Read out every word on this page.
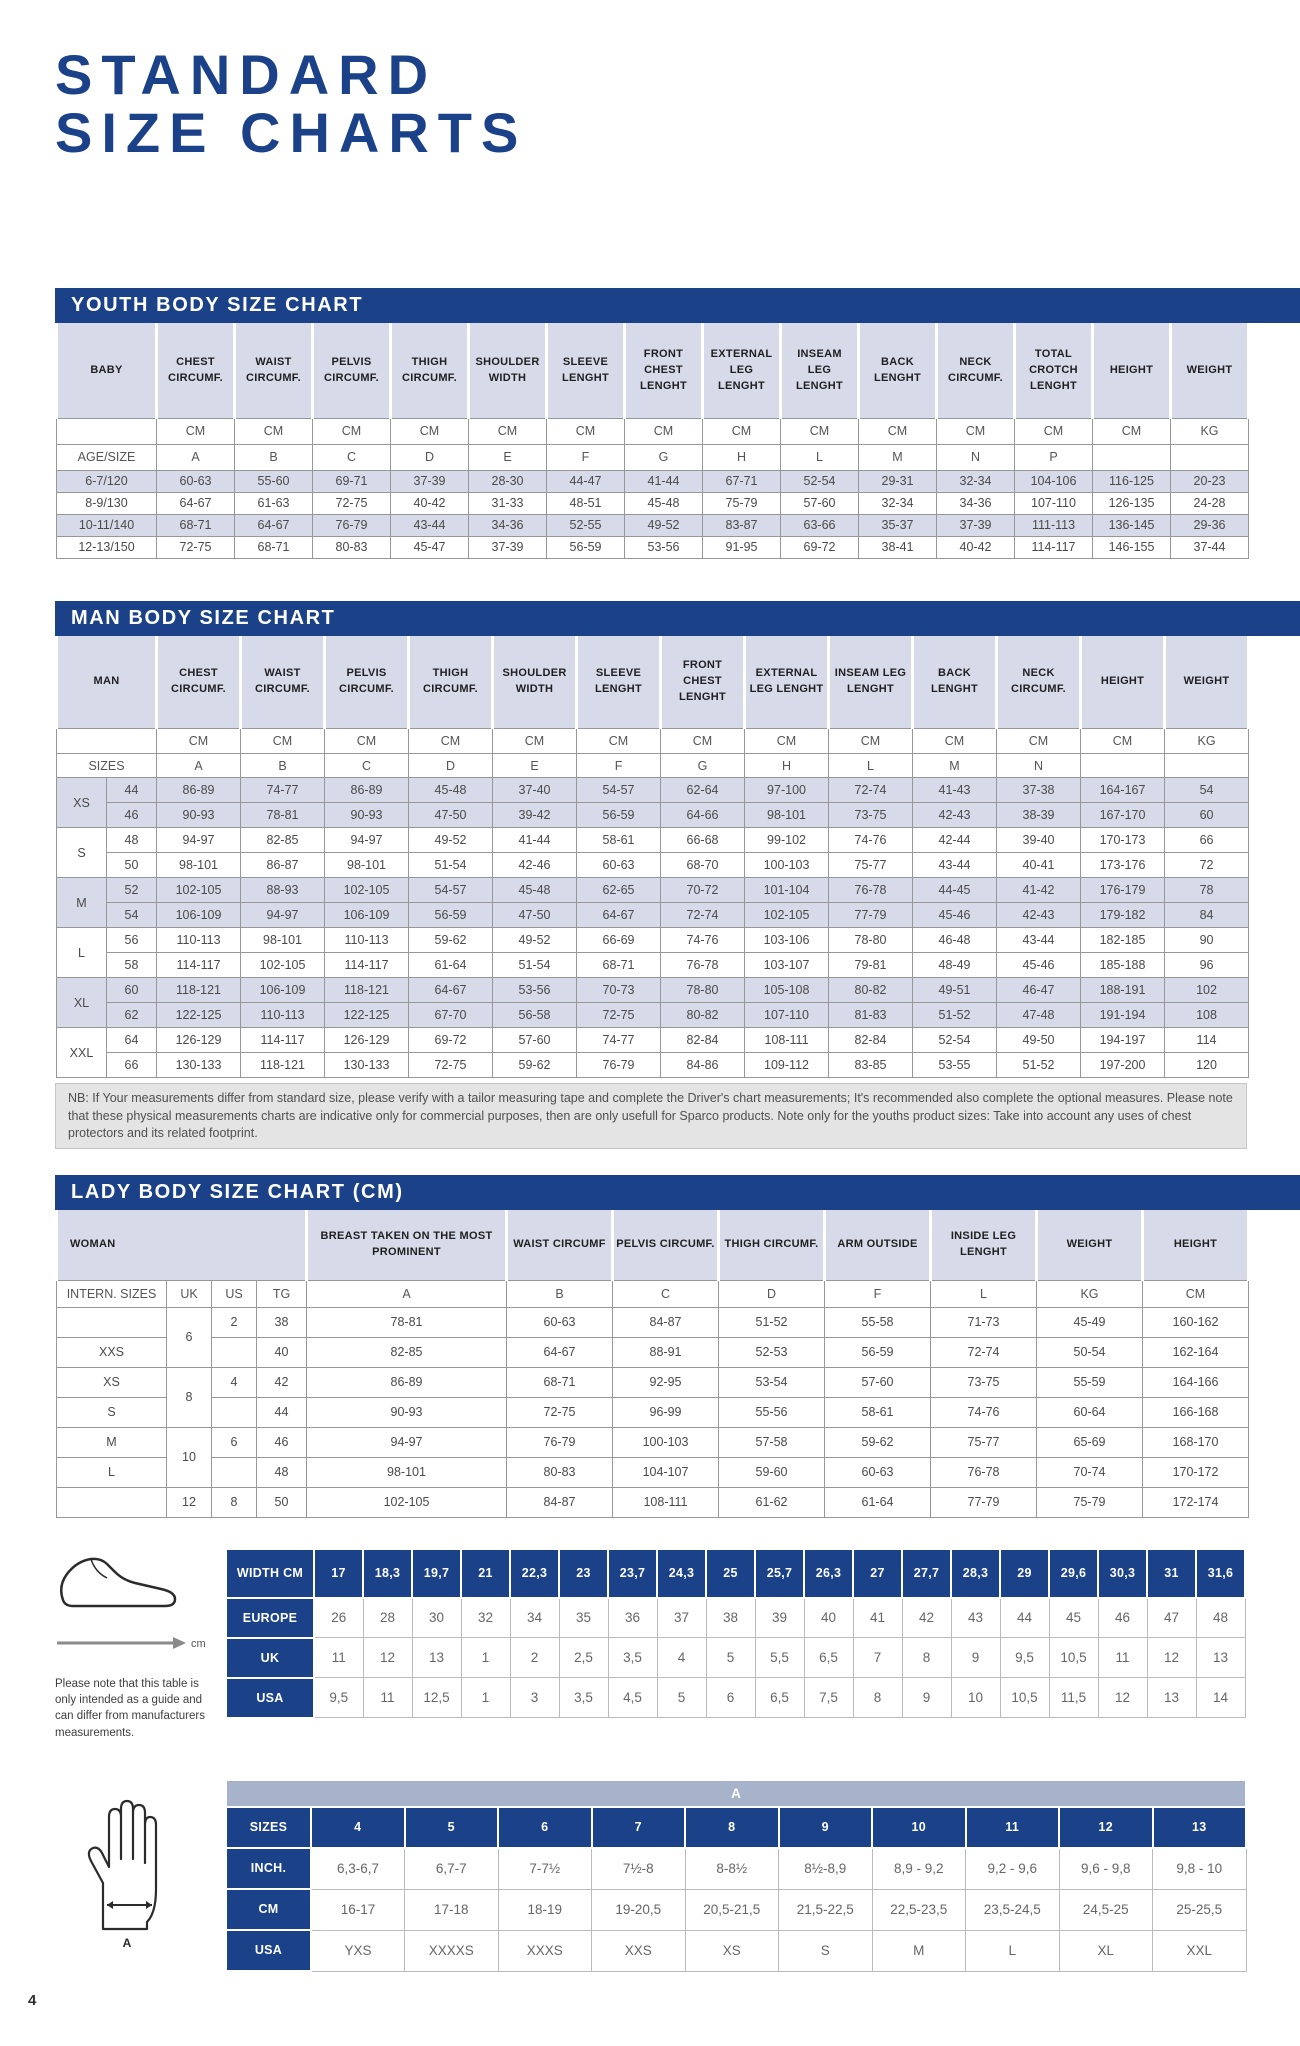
STANDARD
SIZE CHARTS
YOUTH BODY SIZE CHART
BABY	CHEST CIRCUMF.	WAIST CIRCUMF.	PELVIS CIRCUMF.	THIGH CIRCUMF.	SHOULDER WIDTH	SLEEVE LENGHT	FRONT CHEST LENGHT	EXTERNAL LEG LENGHT	INSEAM LEG LENGHT	BACK LENGHT	NECK CIRCUMF.	TOTAL CROTCH LENGHT	HEIGHT	WEIGHT
	CM	CM	CM	CM	CM	CM	CM	CM	CM	CM	CM	CM	CM	KG
AGE/SIZE	A	B	C	D	E	F	G	H	L	M	N	P		
6-7/120	60-63	55-60	69-71	37-39	28-30	44-47	41-44	67-71	52-54	29-31	32-34	104-106	116-125	20-23
8-9/130	64-67	61-63	72-75	40-42	31-33	48-51	45-48	75-79	57-60	32-34	34-36	107-110	126-135	24-28
10-11/140	68-71	64-67	76-79	43-44	34-36	52-55	49-52	83-87	63-66	35-37	37-39	111-113	136-145	29-36
12-13/150	72-75	68-71	80-83	45-47	37-39	56-59	53-56	91-95	69-72	38-41	40-42	114-117	146-155	37-44
MAN BODY SIZE CHART
MAN		CHEST CIRCUMF.	WAIST CIRCUMF.	PELVIS CIRCUMF.	THIGH CIRCUMF.	SHOULDER WIDTH	SLEEVE LENGHT	FRONT CHEST LENGHT	EXTERNAL LEG LENGHT	INSEAM LEG LENGHT	BACK LENGHT	NECK CIRCUMF.	HEIGHT	WEIGHT
		CM	CM	CM	CM	CM	CM	CM	CM	CM	CM	CM	CM	KG
SIZES		A	B	C	D	E	F	G	H	L	M	N		
XS	44	86-89	74-77	86-89	45-48	37-40	54-57	62-64	97-100	72-74	41-43	37-38	164-167	54
	46	90-93	78-81	90-93	47-50	39-42	56-59	64-66	98-101	73-75	42-43	38-39	167-170	60
S	48	94-97	82-85	94-97	49-52	41-44	58-61	66-68	99-102	74-76	42-44	39-40	170-173	66
	50	98-101	86-87	98-101	51-54	42-46	60-63	68-70	100-103	75-77	43-44	40-41	173-176	72
M	52	102-105	88-93	102-105	54-57	45-48	62-65	70-72	101-104	76-78	44-45	41-42	176-179	78
	54	106-109	94-97	106-109	56-59	47-50	64-67	72-74	102-105	77-79	45-46	42-43	179-182	84
L	56	110-113	98-101	110-113	59-62	49-52	66-69	74-76	103-106	78-80	46-48	43-44	182-185	90
	58	114-117	102-105	114-117	61-64	51-54	68-71	76-78	103-107	79-81	48-49	45-46	185-188	96
XL	60	118-121	106-109	118-121	64-67	53-56	70-73	78-80	105-108	80-82	49-51	46-47	188-191	102
	62	122-125	110-113	122-125	67-70	56-58	72-75	80-82	107-110	81-83	51-52	47-48	191-194	108
XXL	64	126-129	114-117	126-129	69-72	57-60	74-77	82-84	108-111	82-84	52-54	49-50	194-197	114
	66	130-133	118-121	130-133	72-75	59-62	76-79	84-86	109-112	83-85	53-55	51-52	197-200	120
NB: If Your measurements differ from standard size, please verify with a tailor measuring tape and complete the Driver's chart measurements; It's recommended also complete the optional measures. Please note that these physical measurements charts are indicative only for commercial purposes, then are only usefull for Sparco products. Note only for the youths product sizes: Take into account any uses of chest protectors and its related footprint.
LADY BODY SIZE CHART (CM)
WOMAN				BREAST TAKEN ON THE MOST PROMINENT	WAIST CIRCUMF	PELVIS CIRCUMF.	THIGH CIRCUMF.	ARM OUTSIDE	INSIDE LEG LENGHT	WEIGHT	HEIGHT
INTERN. SIZES	UK	US	TG	A	B	C	D	F	L	KG	CM
	6	2	38	78-81	60-63	84-87	51-52	55-58	71-73	45-49	160-162
XXS			40	82-85	64-67	88-91	52-53	56-59	72-74	50-54	162-164
XS	8	4	42	86-89	68-71	92-95	53-54	57-60	73-75	55-59	164-166
S			44	90-93	72-75	96-99	55-56	58-61	74-76	60-64	166-168
M	10	6	46	94-97	76-79	100-103	57-58	59-62	75-77	65-69	168-170
L			48	98-101	80-83	104-107	59-60	60-63	76-78	70-74	170-172
	12	8	50	102-105	84-87	108-111	61-62	61-64	77-79	75-79	172-174
cm
Please note that this table is only intended as a guide and can differ from manufacturers measurements.
WIDTH CM	17	18,3	19,7	21	22,3	23	23,7	24,3	25	25,7	26,3	27	27,7	28,3	29	29,6	30,3	31	31,6
EUROPE	26	28	30	32	34	35	36	37	38	39	40	41	42	43	44	45	46	47	48
UK	11	12	13	1	2	2,5	3,5	4	5	5,5	6,5	7	8	9	9,5	10,5	11	12	13
USA	9,5	11	12,5	1	3	3,5	4,5	5	6	6,5	7,5	8	9	10	10,5	11,5	12	13	14
A
A										
SIZES	4	5	6	7	8	9	10	11	12	13
INCH.	6,3-6,7	6,7-7	7-7½	7½-8	8-8½	8½-8,9	8,9 - 9,2	9,2 - 9,6	9,6 - 9,8	9,8 - 10
CM	16-17	17-18	18-19	19-20,5	20,5-21,5	21,5-22,5	22,5-23,5	23,5-24,5	24,5-25	25-25,5
USA	YXS	XXXXS	XXXS	XXS	XS	S	M	L	XL	XXL
4
